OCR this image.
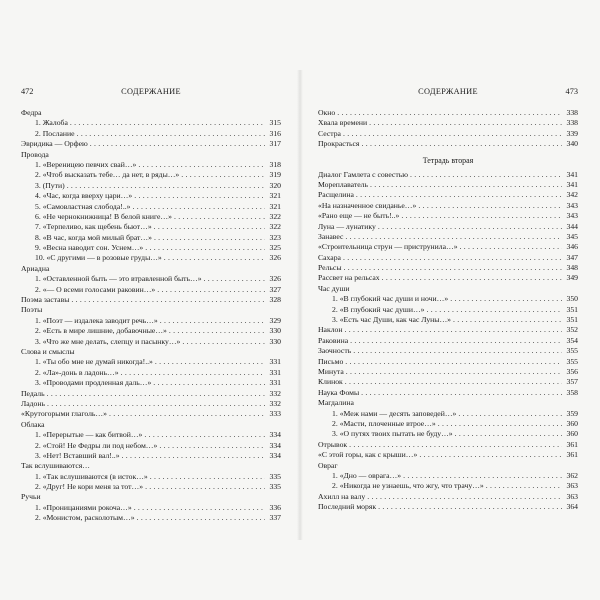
472	СОДЕРЖАНИЕ
Федра
1. Жалоба . . .	315
2. Послание . . .	316
Эвридика — Орфею . . .	317
Провода
1. «Вереницею певчих свай…» . . .	318
2. «Чтоб высказать тебе… да нет, в ряды…» . . .	319
3. (Пути) . . .	320
4. «Час, когда вверху цари…» . . .	321
5. «Самовластная слобода!..» . . .	321
6. «Не чернокнижница! В белой книге…» . . .	322
7. «Терпеливо, как щебень бьют…» . . .	322
8. «В час, когда мой милый брат…» . . .	323
9. «Весна наводит сон. Уснем…» . . .	325
10. «С другими — в розовые груды…» . . .	326
Ариадна
1. «Оставленной быть — это втравленной быть…» . . .	326
2. «— О всеми голосами раковин…» . . .	327
Поэма заставы . . .	328
Поэты
1. «Поэт — издалека заводит речь…» . . .	329
2. «Есть в мире лишние, добавочные…» . . .	330
3. «Что же мне делать, слепцу и пасынку…» . . .	330
Слова и смыслы
1. «Ты обо мне не думай никогда!..» . . .	331
2. «Ла»-донь в ладонь…» . . .	331
3. «Проводами продленная даль…» . . .	331
Педаль . . .	332
Ладонь . . .	332
«Крутогорыми глаголь…» . . .	333
Облака
1. «Перерытые — как битвой…» . . .	334
2. «Стой! Не Федры ли под небом…» . . .	334
3. «Нет! Вставший вал!..» . . .	334
Так вслушиваются…
1. «Так вслушиваются (в исток…» . . .	335
2. «Друг! Не кори меня за тот…» . . .	335
Ручьи
1. «Проницаниями рокоча…» . . .	336
2. «Монистом, расколотым…» . . .	337
СОДЕРЖАНИЕ	473
Окно . . .	338
Хвала времени . . .	338
Сестра . . .	339
Прокрасться . . .	340
Тетрадь вторая
Диалог Гамлета с совестью . . .	341
Мореплаватель . . .	341
Расщелина . . .	342
«На назначенное свиданье…» . . .	343
«Рано еще — не быть!..» . . .	343
Луна — лунатику . . .	344
Занавес . . .	345
«Строительница струн — приструнила…» . . .	346
Сахара . . .	347
Рельсы . . .	348
Рассвет на рельсах . . .	349
Час души
1. «В глубокий час души и ночи…» . . .	350
2. «В глубокий час души…» . . .	351
3. «Есть час Души, как час Луны…» . . .	351
Наклон . . .	352
Раковина . . .	354
Заочность . . .	355
Письмо . . .	355
Минута . . .	356
Клинок . . .	357
Наука Фомы . . .	358
Магдалина
1. «Меж нами — десять заповедей…» . . .	359
2. «Масти, плоченные втрое…» . . .	360
3. «О путях твоих пытать не буду…» . . .	360
Отрывок . . .	361
«С этой горы, как с крыши…» . . .	361
Овраг
1. «Дно — оврага…» . . .	362
2. «Никогда не узнаешь, что жгу, что трачу…» . . .	363
Ахилл на валу . . .	363
Последний моряк . . .	364
